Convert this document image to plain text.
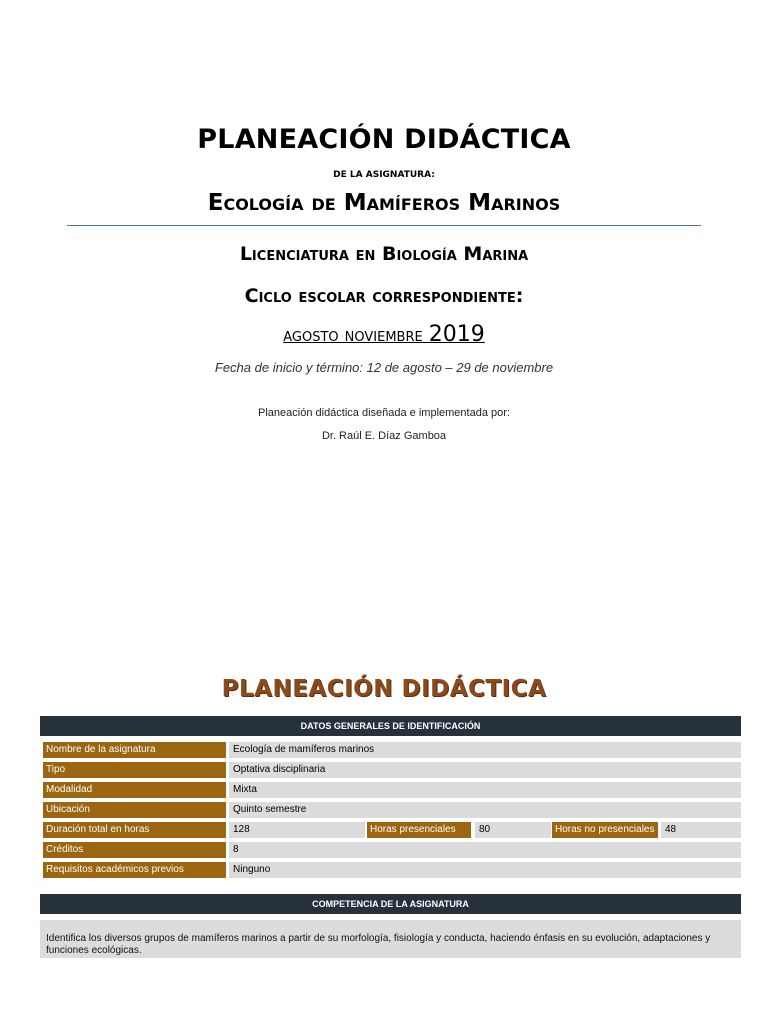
PLANEACIÓN DIDÁCTICA
DE LA ASIGNATURA:
Ecología de Mamíferos Marinos
Licenciatura en Biología Marina
Ciclo escolar correspondiente:
agosto noviembre 2019
Fecha de inicio y término: 12 de agosto – 29 de noviembre
Planeación didáctica diseñada e implementada por:
Dr. Raúl E. Díaz Gamboa
PLANEACIÓN DIDÁCTICA
DATOS GENERALES DE IDENTIFICACIÓN
Nombre de la asignatura	Ecología de mamíferos marinos
Tipo	Optativa disciplinaria
Modalidad	Mixta
Ubicación	Quinto semestre
Duración total en horas	128	Horas presenciales	80	Horas no presenciales	48
Créditos	8
Requisitos académicos previos	Ninguno
COMPETENCIA DE LA ASIGNATURA
Identifica los diversos grupos de mamíferos marinos a partir de su morfología, fisiología y conducta, haciendo énfasis en su evolución, adaptaciones y funciones ecológicas.
